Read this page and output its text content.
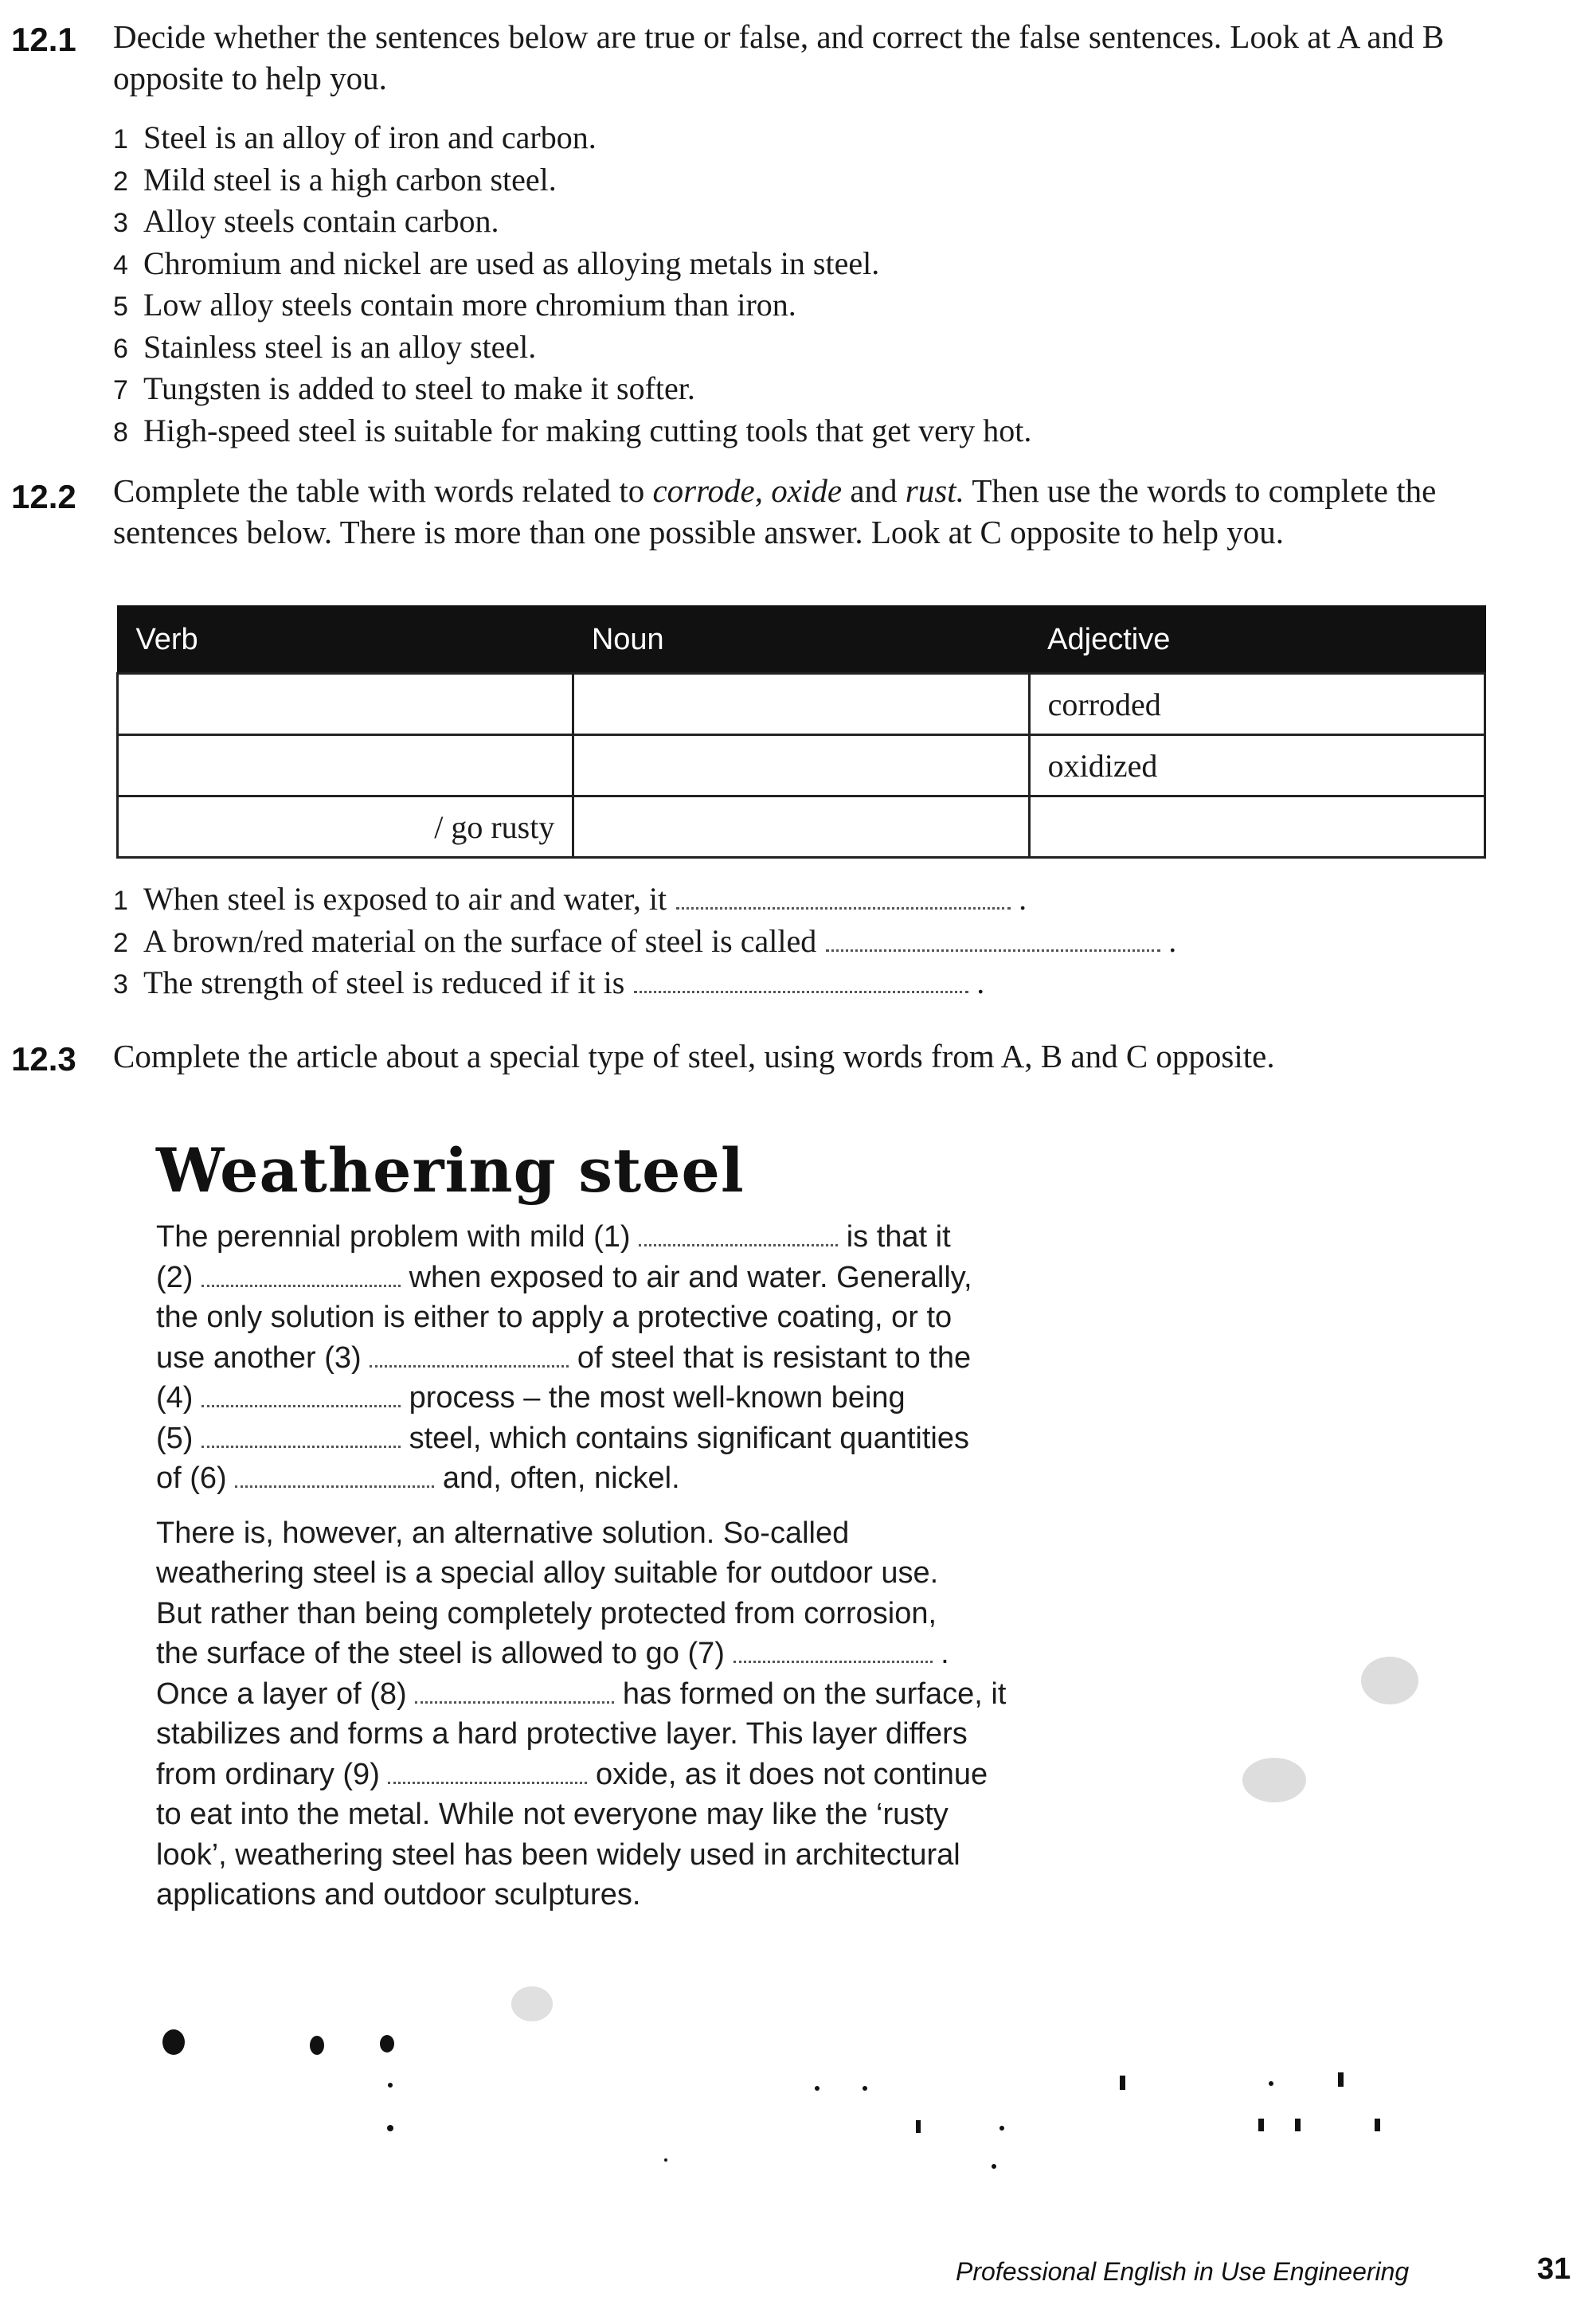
12.1 Decide whether the sentences below are true or false, and correct the false sentences. Look at A and B opposite to help you.
1 Steel is an alloy of iron and carbon.
2 Mild steel is a high carbon steel.
3 Alloy steels contain carbon.
4 Chromium and nickel are used as alloying metals in steel.
5 Low alloy steels contain more chromium than iron.
6 Stainless steel is an alloy steel.
7 Tungsten is added to steel to make it softer.
8 High-speed steel is suitable for making cutting tools that get very hot.
12.2 Complete the table with words related to corrode, oxide and rust. Then use the words to complete the sentences below. There is more than one possible answer. Look at C opposite to help you.
Verb	Noun	Adjective
		corroded
		oxidized
/ go rusty		
1 When steel is exposed to air and water, it	.
2 A brown/red material on the surface of steel is called	.
3 The strength of steel is reduced if it is	.
12.3 Complete the article about a special type of steel, using words from A, B and C opposite.
Weathering steel

The perennial problem with mild (1)	is that it
(2)	when exposed to air and water. Generally,
the only solution is either to apply a protective coating, or to
use another (3)	of steel that is resistant to the
(4)	process – the most well-known being
(5)	steel, which contains significant quantities
of (6)	and, often, nickel.

There is, however, an alternative solution. So-called
weathering steel is a special alloy suitable for outdoor use.
But rather than being completely protected from corrosion,
the surface of the steel is allowed to go (7)	.
Once a layer of (8)	has formed on the surface, it
stabilizes and forms a hard protective layer. This layer differs
from ordinary (9)	oxide, as it does not continue
to eat into the metal. While not everyone may like the ‘rusty
look’, weathering steel has been widely used in architectural
applications and outdoor sculptures.

Professional English in Use Engineering	31
